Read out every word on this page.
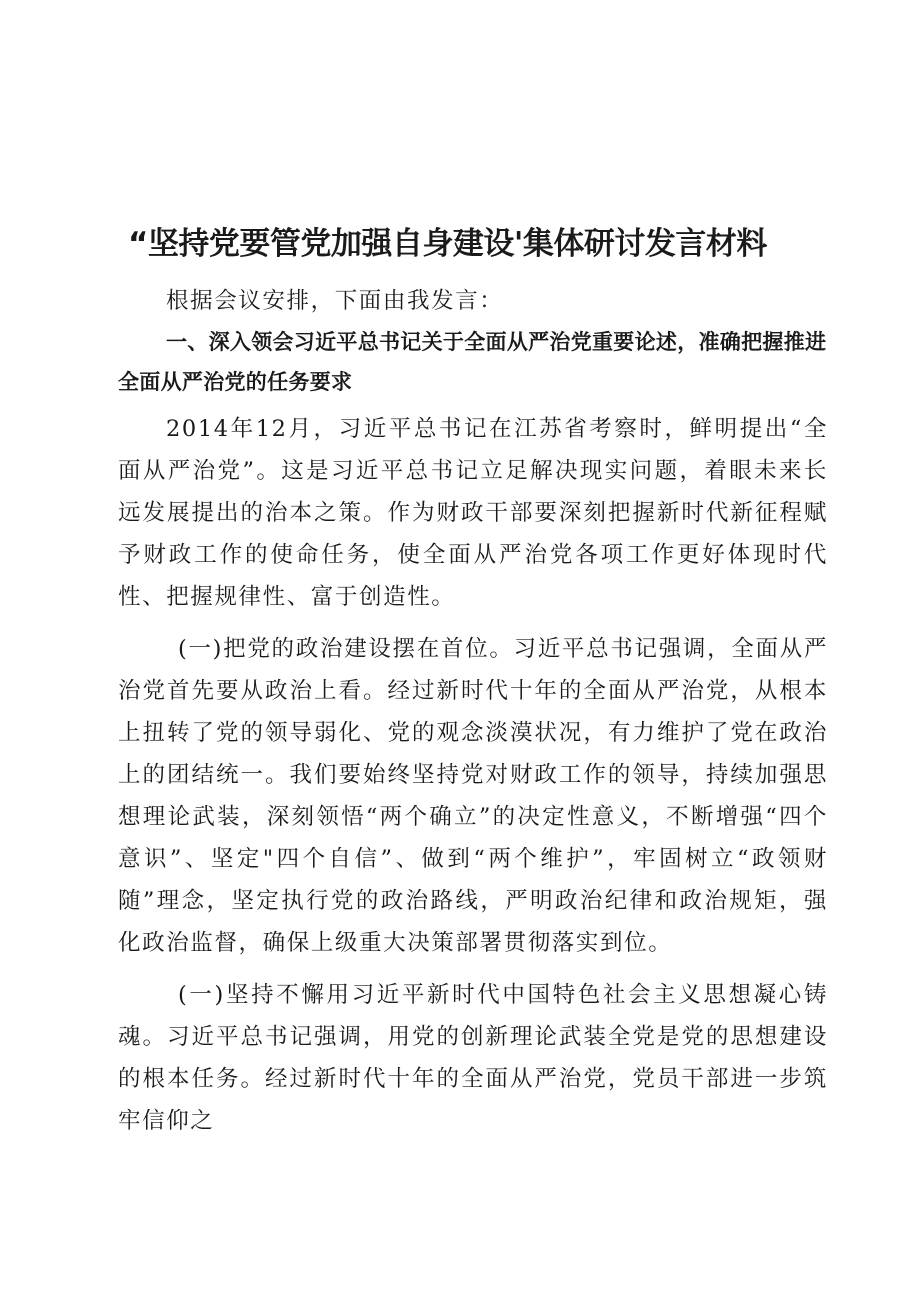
“坚持党要管党加强自身建设'集体研讨发言材料

根据会议安排，下面由我发言：

一、深入领会习近平总书记关于全面从严治党重要论述，准确把握推进全面从严治党的任务要求

2014年12月，习近平总书记在江苏省考察时，鲜明提出“全面从严治党”。这是习近平总书记立足解决现实问题，着眼未来长远发展提出的治本之策。作为财政干部要深刻把握新时代新征程赋予财政工作的使命任务，使全面从严治党各项工作更好体现时代性、把握规律性、富于创造性。

(一)把党的政治建设摆在首位。习近平总书记强调，全面从严治党首先要从政治上看。经过新时代十年的全面从严治党，从根本上扭转了党的领导弱化、党的观念淡漠状况，有力维护了党在政治上的团结统一。我们要始终坚持党对财政工作的领导，持续加强思想理论武装，深刻领悟“两个确立”的决定性意义，不断增强“四个意识”、坚定"四个自信”、做到“两个维护”，牢固树立“政领财随”理念，坚定执行党的政治路线，严明政治纪律和政治规矩，强化政治监督，确保上级重大决策部署贯彻落实到位。

(一)坚持不懈用习近平新时代中国特色社会主义思想凝心铸魂。习近平总书记强调，用党的创新理论武装全党是党的思想建设的根本任务。经过新时代十年的全面从严治党，党员干部进一步筑牢信仰之
